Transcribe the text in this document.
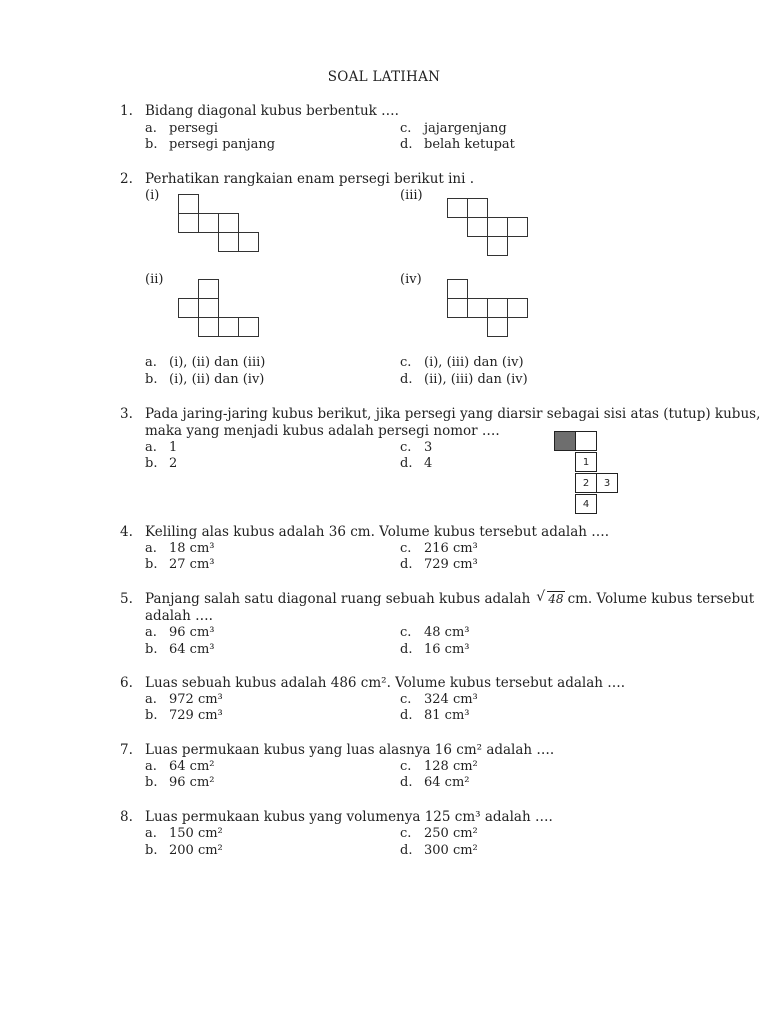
SOAL LATIHAN
1. Bidang diagonal kubus berbentuk ….
a. persegi
b. persegi panjang
c. jajargenjang
d. belah ketupat
2. Perhatikan rangkaian enam persegi berikut ini .
(i)	(iii)
(ii)	(iv)
a. (i), (ii) dan (iii)
b. (i), (ii) dan (iv)
c. (i), (iii) dan (iv)
d. (ii), (iii) dan (iv)
3. Pada jaring-jaring kubus berikut, jika persegi yang diarsir sebagai sisi atas (tutup) kubus,
maka yang menjadi kubus adalah persegi nomor ….
a. 1
b. 2
c. 3
d. 4	1
2	3
4
4. Keliling alas kubus adalah 36 cm. Volume kubus tersebut adalah ….
a. 18 cm³
b. 27 cm³
c. 216 cm³
d. 729 cm³
5. Panjang salah satu diagonal ruang sebuah kubus adalah √ 48 cm. Volume kubus tersebut
adalah ….
a. 96 cm³
b. 64 cm³
c. 48 cm³
d. 16 cm³
6. Luas sebuah kubus adalah 486 cm². Volume kubus tersebut adalah ….
a. 972 cm³
b. 729 cm³
c. 324 cm³
d. 81 cm³
7. Luas permukaan kubus yang luas alasnya 16 cm² adalah ….
a. 64 cm²
b. 96 cm²
c. 128 cm²
d. 64 cm²
8. Luas permukaan kubus yang volumenya 125 cm³ adalah ….
a. 150 cm²
b. 200 cm²
c. 250 cm²
d. 300 cm²
